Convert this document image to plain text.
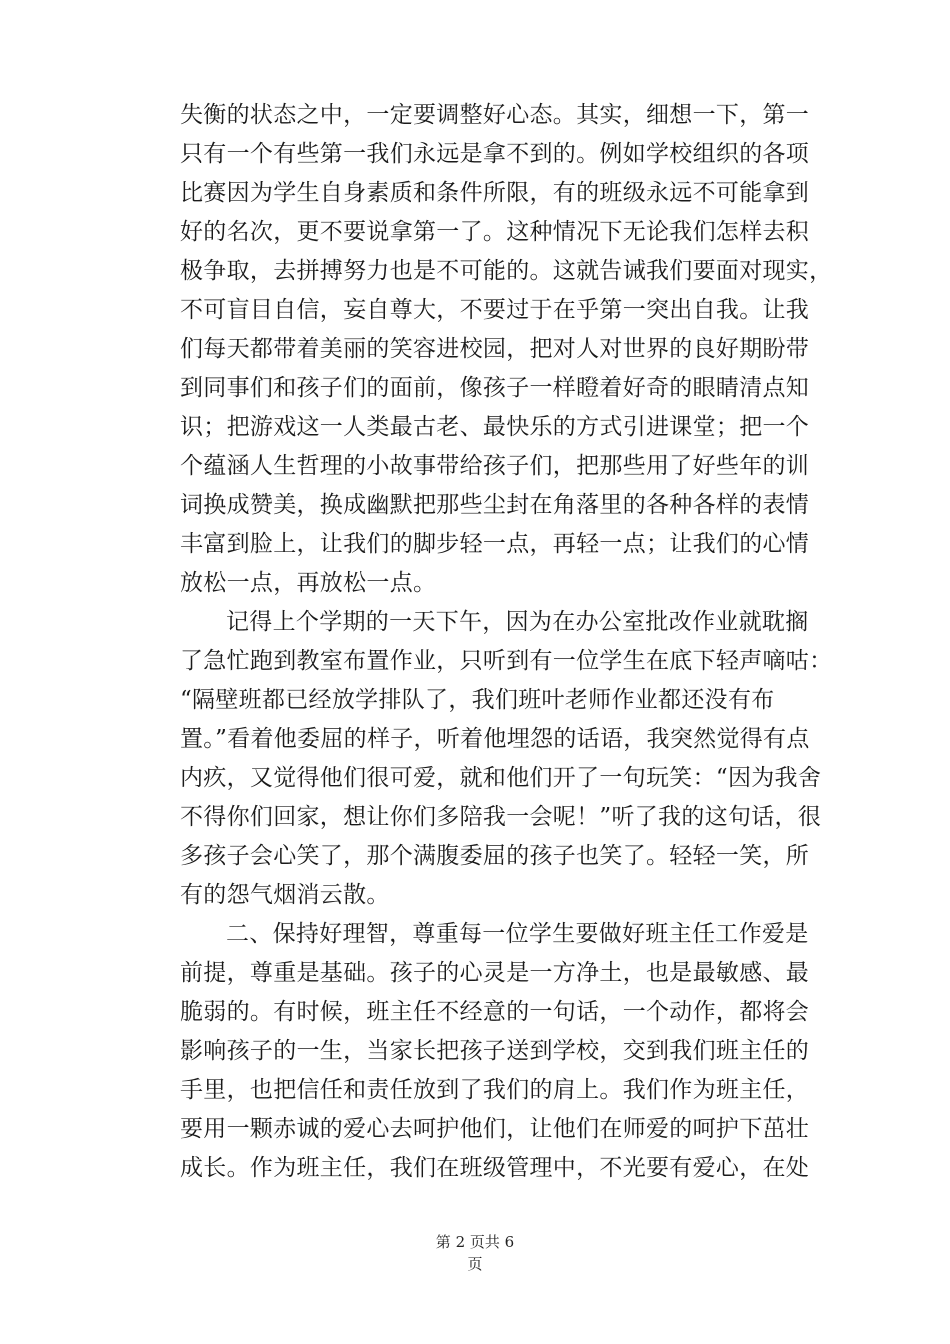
失衡的状态之中，一定要调整好心态。其实，细想一下，第一
只有一个有些第一我们永远是拿不到的。例如学校组织的各项
比赛因为学生自身素质和条件所限，有的班级永远不可能拿到
好的名次，更不要说拿第一了。这种情况下无论我们怎样去积
极争取，去拼搏努力也是不可能的。这就告诫我们要面对现实，
不可盲目自信，妄自尊大，不要过于在乎第一突出自我。让我
们每天都带着美丽的笑容进校园，把对人对世界的良好期盼带
到同事们和孩子们的面前，像孩子一样瞪着好奇的眼睛清点知
识；把游戏这一人类最古老、最快乐的方式引进课堂；把一个
个蕴涵人生哲理的小故事带给孩子们，把那些用了好些年的训
词换成赞美，换成幽默把那些尘封在角落里的各种各样的表情
丰富到脸上，让我们的脚步轻一点，再轻一点；让我们的心情
放松一点，再放松一点。
记得上个学期的一天下午，因为在办公室批改作业就耽搁
了急忙跑到教室布置作业，只听到有一位学生在底下轻声嘀咕：
“隔壁班都已经放学排队了，我们班叶老师作业都还没有布
置。”看着他委屈的样子，听着他埋怨的话语，我突然觉得有点
内疚，又觉得他们很可爱，就和他们开了一句玩笑：“因为我舍
不得你们回家，想让你们多陪我一会呢！”听了我的这句话，很
多孩子会心笑了，那个满腹委屈的孩子也笑了。轻轻一笑，所
有的怨气烟消云散。
二、保持好理智，尊重每一位学生要做好班主任工作爱是
前提，尊重是基础。孩子的心灵是一方净土，也是最敏感、最
脆弱的。有时候，班主任不经意的一句话，一个动作，都将会
影响孩子的一生，当家长把孩子送到学校，交到我们班主任的
手里，也把信任和责任放到了我们的肩上。我们作为班主任，
要用一颗赤诚的爱心去呵护他们，让他们在师爱的呵护下茁壮
成长。作为班主任，我们在班级管理中，不光要有爱心，在处
第 2 页共 6
页
